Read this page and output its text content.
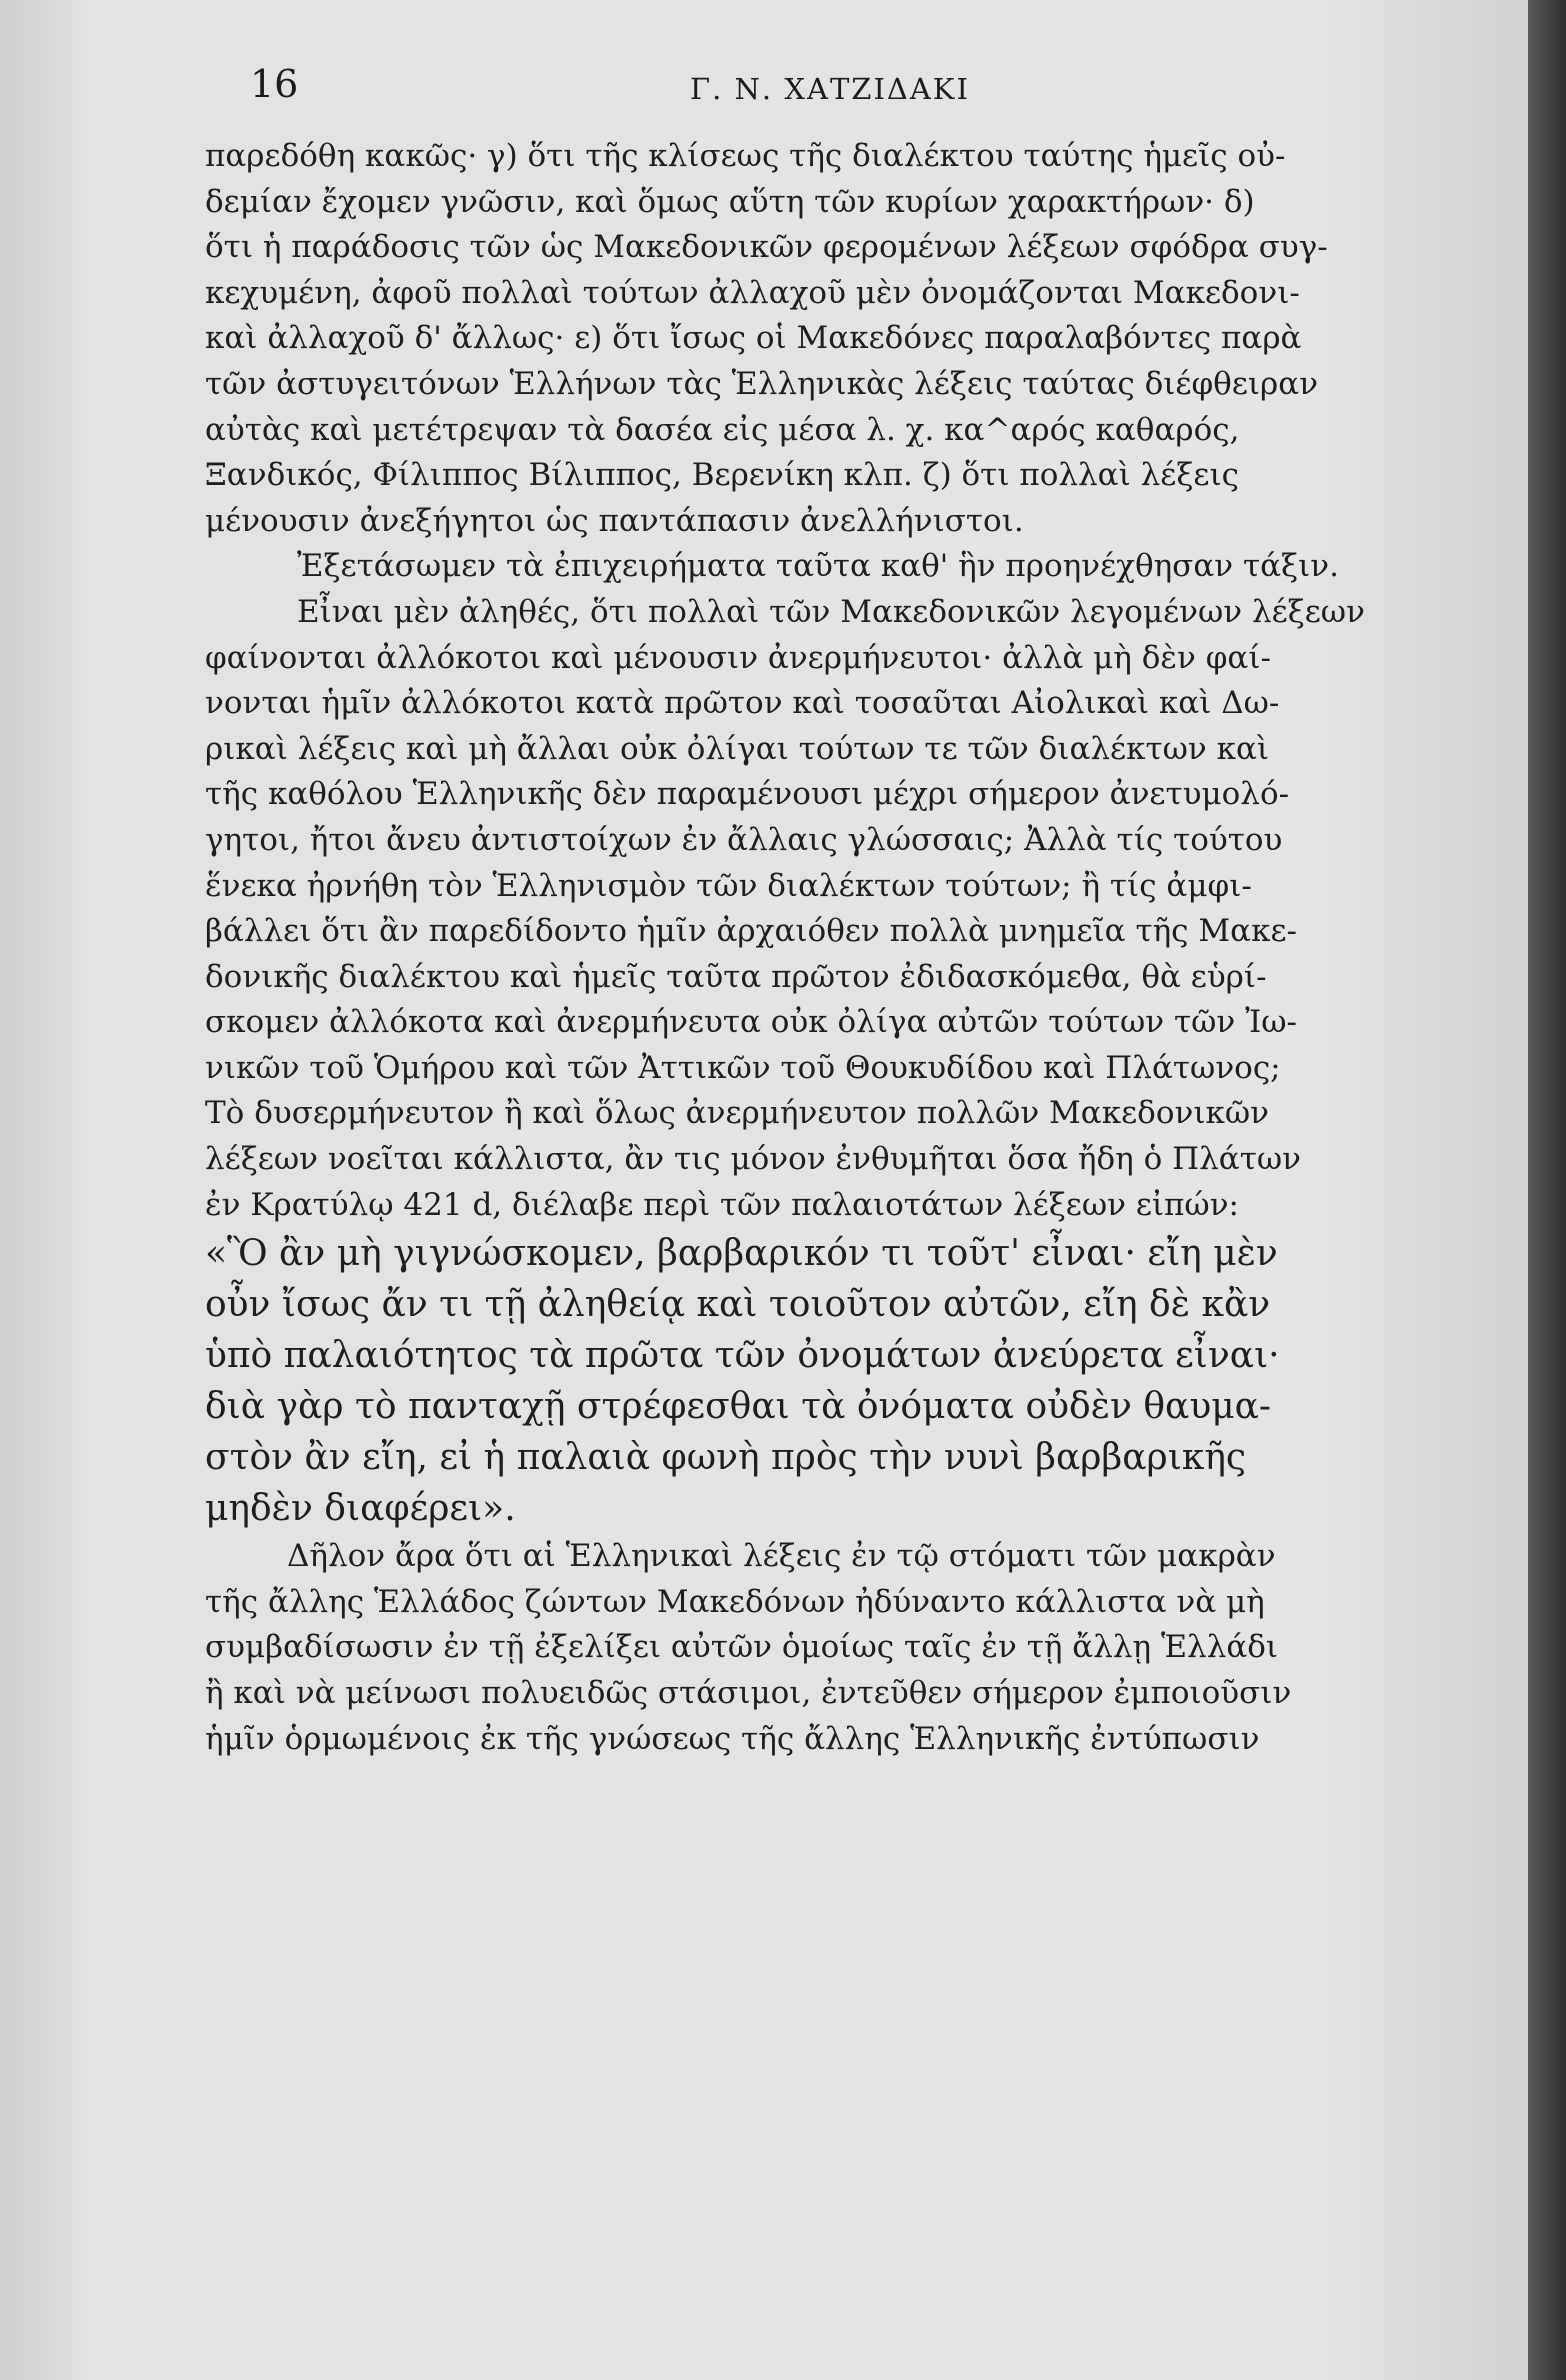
16	Γ. Ν. ΧΑΤΖΙΔΑΚΙ
παρεδόθη κακῶς· γ) ὅτι τῆς κλίσεως τῆς διαλέκτου ταύτης ἡμεῖς οὐ-
δεμίαν ἔχομεν γνῶσιν, καὶ ὅμως αὕτη τῶν κυρίων χαρακτήρων· δ)
ὅτι ἡ παράδοσις τῶν ὡς Μακεδονικῶν φερομένων λέξεων σφόδρα συγ-
κεχυμένη, ἀφοῦ πολλαὶ τούτων ἀλλαχοῦ μὲν ὀνομάζονται Μακεδονι-
καὶ ἀλλαχοῦ δ' ἄλλως· ε) ὅτι ἴσως οἱ Μακεδόνες παραλαβόντες παρὰ
τῶν ἀστυγειτόνων Ἑλλήνων τὰς Ἑλληνικὰς λέξεις ταύτας διέφθειραν
αὐτὰς καὶ μετέτρεψαν τὰ δασέα εἰς μέσα λ. χ. κα^αρός καθαρός,
Ξανδικός, Φίλιππος Βίλιππος, Βερενίκη κλπ. ζ) ὅτι πολλαὶ λέξεις
μένουσιν ἀνεξήγητοι ὡς παντάπασιν ἀνελλήνιστοι.
Ἐξετάσωμεν τὰ ἐπιχειρήματα ταῦτα καθ' ἣν προηνέχθησαν τάξιν.
Εἶναι μὲν ἀληθές, ὅτι πολλαὶ τῶν Μακεδονικῶν λεγομένων λέξεων
φαίνονται ἀλλόκοτοι καὶ μένουσιν ἀνερμήνευτοι· ἀλλὰ μὴ δὲν φαί-
νονται ἡμῖν ἀλλόκοτοι κατὰ πρῶτον καὶ τοσαῦται Αἰολικαὶ καὶ Δω-
ρικαὶ λέξεις καὶ μὴ ἄλλαι οὐκ ὀλίγαι τούτων τε τῶν διαλέκτων καὶ
τῆς καθόλου Ἑλληνικῆς δὲν παραμένουσι μέχρι σήμερον ἀνετυμολό-
γητοι, ἤτοι ἄνευ ἀντιστοίχων ἐν ἄλλαις γλώσσαις; Ἀλλὰ τίς τούτου
ἕνεκα ἠρνήθη τὸν Ἑλληνισμὸν τῶν διαλέκτων τούτων; ἢ τίς ἀμφι-
βάλλει ὅτι ἂν παρεδίδοντο ἡμῖν ἀρχαιόθεν πολλὰ μνημεῖα τῆς Μακε-
δονικῆς διαλέκτου καὶ ἡμεῖς ταῦτα πρῶτον ἐδιδασκόμεθα, θὰ εὑρί-
σκομεν ἀλλόκοτα καὶ ἀνερμήνευτα οὐκ ὀλίγα αὐτῶν τούτων τῶν Ἰω-
νικῶν τοῦ Ὁμήρου καὶ τῶν Ἀττικῶν τοῦ Θουκυδίδου καὶ Πλάτωνος;
Τὸ δυσερμήνευτον ἢ καὶ ὅλως ἀνερμήνευτον πολλῶν Μακεδονικῶν
λέξεων νοεῖται κάλλιστα, ἂν τις μόνον ἐνθυμῆται ὅσα ἤδη ὁ Πλάτων
ἐν Κρατύλῳ 421 d, διέλαβε περὶ τῶν παλαιοτάτων λέξεων εἰπών:
«Ὃ ἂν μὴ γιγνώσκομεν, βαρβαρικόν τι τοῦτ' εἶναι· εἴη μὲν
οὖν ἴσως ἄν τι τῇ ἀληθείᾳ καὶ τοιοῦτον αὐτῶν, εἴη δὲ κἂν
ὑπὸ παλαιότητος τὰ πρῶτα τῶν ὀνομάτων ἀνεύρετα εἶναι·
διὰ γὰρ τὸ πανταχῇ στρέφεσθαι τὰ ὀνόματα οὐδὲν θαυμα-
στὸν ἂν εἴη, εἰ ἡ παλαιὰ φωνὴ πρὸς τὴν νυνὶ βαρβαρικῆς
μηδὲν διαφέρει».
Δῆλον ἄρα ὅτι αἱ Ἑλληνικαὶ λέξεις ἐν τῷ στόματι τῶν μακρὰν
τῆς ἄλλης Ἑλλάδος ζώντων Μακεδόνων ἠδύναντο κάλλιστα νὰ μὴ
συμβαδίσωσιν ἐν τῇ ἐξελίξει αὐτῶν ὁμοίως ταῖς ἐν τῇ ἄλλῃ Ἑλλάδι
ἢ καὶ νὰ μείνωσι πολυειδῶς στάσιμοι, ἐντεῦθεν σήμερον ἐμποιοῦσιν
ἡμῖν ὁρμωμένοις ἐκ τῆς γνώσεως τῆς ἄλλης Ἑλληνικῆς ἐντύπωσιν
